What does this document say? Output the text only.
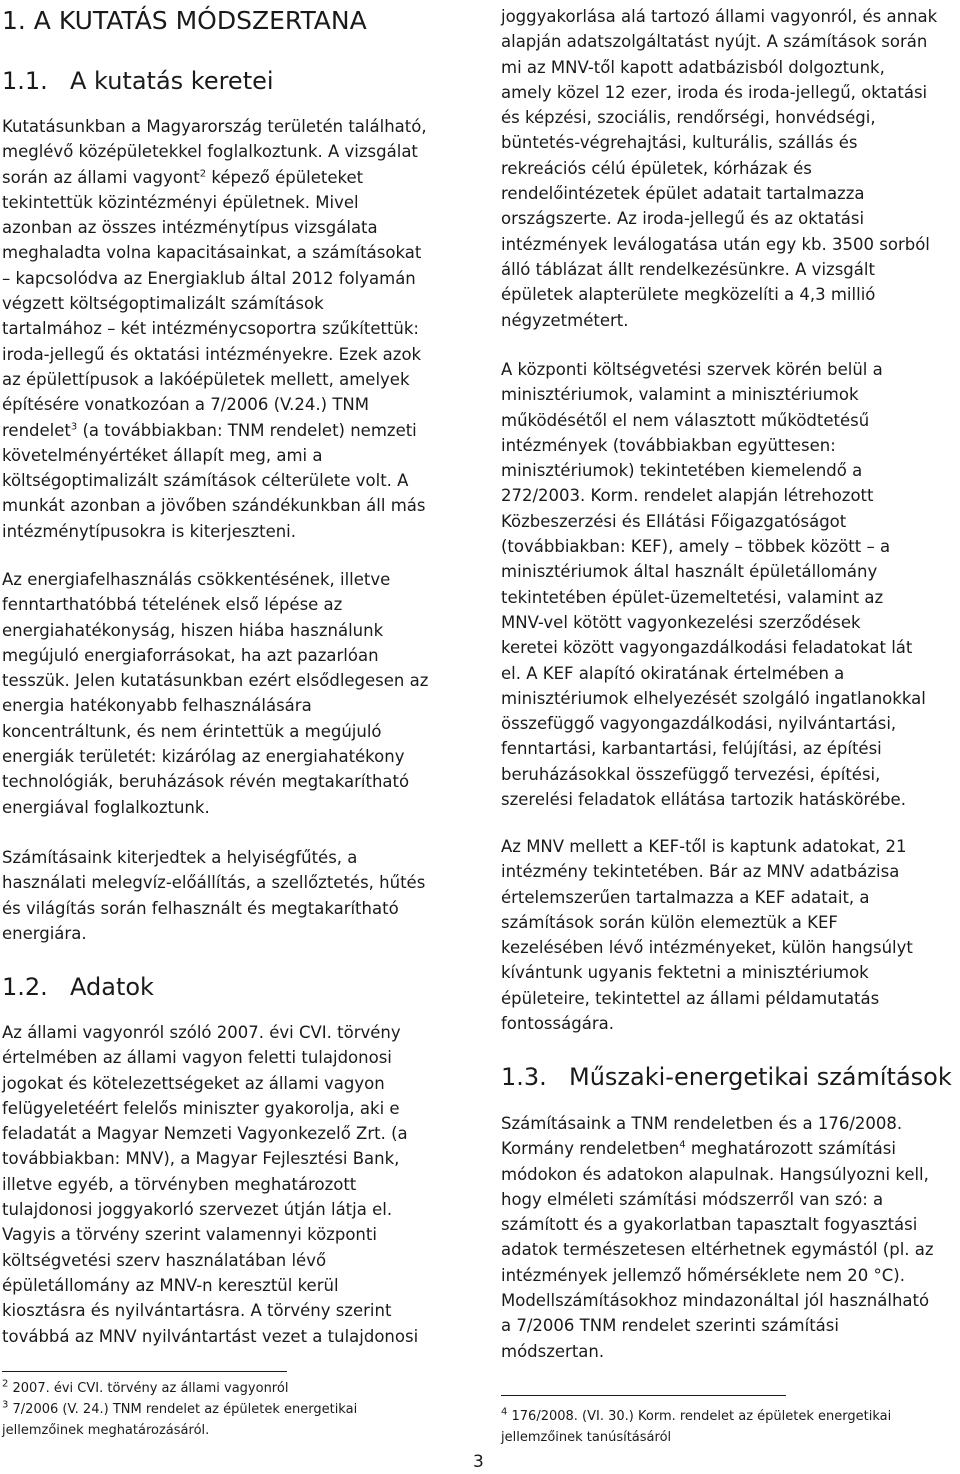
1. A KUTATÁS MÓDSZERTANA
1.1. A kutatás keretei
Kutatásunkban a Magyarország területén található,
meglévő középületekkel foglalkoztunk. A vizsgálat
során az állami vagyont$^2$ képező épületeket
tekintettük közintézményi épületnek. Mivel
azonban az összes intézménytípus vizsgálata
meghaladta volna kapacitásainkat, a számításokat
– kapcsolódva az Energiaklub által 2012 folyamán
végzett költségoptimalizált számítások
tartalmához – két intézménycsoportra szűkítettük:
iroda-jellegű és oktatási intézményekre. Ezek azok
az épülettípusok a lakóépületek mellett, amelyek
építésére vonatkozóan a 7/2006 (V.24.) TNM
rendelet$^3$ (a továbbiakban: TNM rendelet) nemzeti
követelményértéket állapít meg, ami a
költségoptimalizált számítások célterülete volt. A
munkát azonban a jövőben szándékunkban áll más
intézménytípusokra is kiterjeszteni.
Az energiafelhasználás csökkentésének, illetve
fenntarthatóbbá tételének első lépése az
energiahatékonyság, hiszen hiába használunk
megújuló energiaforrásokat, ha azt pazarlóan
tesszük. Jelen kutatásunkban ezért elsődlegesen az
energia hatékonyabb felhasználására
koncentráltunk, és nem érintettük a megújuló
energiák területét: kizárólag az energiahatékony
technológiák, beruházások révén megtakarítható
energiával foglalkoztunk.
Számításaink kiterjedtek a helyiségfűtés, a
használati melegvíz-előállítás, a szellőztetés, hűtés
és világítás során felhasznált és megtakarítható
energiára.
1.2. Adatok
Az állami vagyonról szóló 2007. évi CVI. törvény
értelmében az állami vagyon feletti tulajdonosi
jogokat és kötelezettségeket az állami vagyon
felügyeletéért felelős miniszter gyakorolja, aki e
feladatát a Magyar Nemzeti Vagyonkezelő Zrt. (a
továbbiakban: MNV), a Magyar Fejlesztési Bank,
illetve egyéb, a törvényben meghatározott
tulajdonosi joggyakorló szervezet útján látja el.
Vagyis a törvény szerint valamennyi központi
költségvetési szerv használatában lévő
épületállomány az MNV-n keresztül kerül
kiosztásra és nyilvántartásra. A törvény szerint
továbbá az MNV nyilvántartást vezet a tulajdonosi
$^2$ 2007. évi CVI. törvény az állami vagyonról
$^3$ 7/2006 (V. 24.) TNM rendelet az épületek energetikai
jellemzőinek meghatározásáról.
joggyakorlása alá tartozó állami vagyonról, és annak
alapján adatszolgáltatást nyújt. A számítások során
mi az MNV-től kapott adatbázisból dolgoztunk,
amely közel 12 ezer, iroda és iroda-jellegű, oktatási
és képzési, szociális, rendőrségi, honvédségi,
büntetés-végrehajtási, kulturális, szállás és
rekreációs célú épületek, kórházak és
rendelőintézetek épület adatait tartalmazza
országszerte. Az iroda-jellegű és az oktatási
intézmények leválogatása után egy kb. 3500 sorból
álló táblázat állt rendelkezésünkre. A vizsgált
épületek alapterülete megközelíti a 4,3 millió
négyzetmétert.
A központi költségvetési szervek körén belül a
minisztériumok, valamint a minisztériumok
működésétől el nem választott működtetésű
intézmények (továbbiakban együttesen:
minisztériumok) tekintetében kiemelendő a
272/2003. Korm. rendelet alapján létrehozott
Közbeszerzési és Ellátási Főigazgatóságot
(továbbiakban: KEF), amely – többek között – a
minisztériumok által használt épületállomány
tekintetében épület-üzemeltetési, valamint az
MNV-vel kötött vagyonkezelési szerződések
keretei között vagyongazdálkodási feladatokat lát
el. A KEF alapító okiratának értelmében a
minisztériumok elhelyezését szolgáló ingatlanokkal
összefüggő vagyongazdálkodási, nyilvántartási,
fenntartási, karbantartási, felújítási, az építési
beruházásokkal összefüggő tervezési, építési,
szerelési feladatok ellátása tartozik hatáskörébe.
Az MNV mellett a KEF-től is kaptunk adatokat, 21
intézmény tekintetében. Bár az MNV adatbázisa
értelemszerűen tartalmazza a KEF adatait, a
számítások során külön elemeztük a KEF
kezelésében lévő intézményeket, külön hangsúlyt
kívántunk ugyanis fektetni a minisztériumok
épületeire, tekintettel az állami példamutatás
fontosságára.
1.3. Műszaki-energetikai számítások
Számításaink a TNM rendeletben és a 176/2008.
Kormány rendeletben$^4$ meghatározott számítási
módokon és adatokon alapulnak. Hangsúlyozni kell,
hogy elméleti számítási módszerről van szó: a
számított és a gyakorlatban tapasztalt fogyasztási
adatok természetesen eltérhetnek egymástól (pl. az
intézmények jellemző hőmérséklete nem 20 °C).
Modellszámításokhoz mindazonáltal jól használható
a 7/2006 TNM rendelet szerinti számítási
módszertan.
$^4$ 176/2008. (VI. 30.) Korm. rendelet az épületek energetikai
jellemzőinek tanúsításáról
3
